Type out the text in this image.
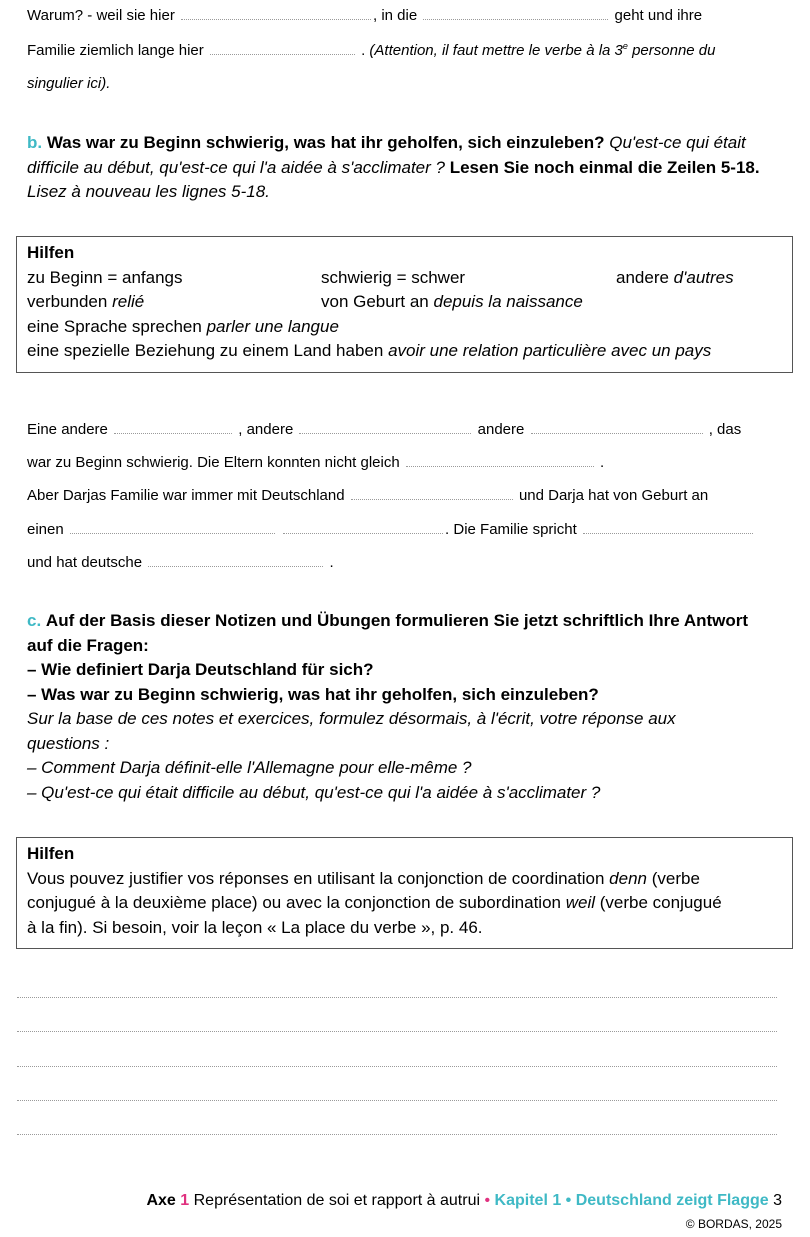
Warum? - weil sie hier	, in die	geht und ihre
Familie ziemlich lange hier	. (Attention, il faut mettre le verbe à la 3e personne du
singulier ici).
b. Was war zu Beginn schwierig, was hat ihr geholfen, sich einzuleben? Qu'est-ce qui était difficile au début, qu'est-ce qui l'a aidée à s'acclimater ? Lesen Sie noch einmal die Zeilen 5-18.  Lisez à nouveau les lignes 5-18.
Hilfen
zu Beginn = anfangs	schwierig = schwer	andere d'autres
verbunden relié	von Geburt an depuis la naissance
eine Sprache sprechen parler une langue
eine spezielle Beziehung zu einem Land haben avoir une relation particulière avec un pays
Eine andere	, andere	andere	, das
war zu Beginn schwierig. Die Eltern konnten nicht gleich	.
Aber Darjas Familie war immer mit Deutschland	und Darja hat von Geburt an
einen	. Die Familie spricht
und hat deutsche	.
c. Auf der Basis dieser Notizen und Übungen formulieren Sie jetzt schriftlich Ihre Antwort
auf die Fragen:
– Wie definiert Darja Deutschland für sich?
– Was war zu Beginn schwierig, was hat ihr geholfen, sich einzuleben?
Sur la base de ces notes et exercices, formulez désormais, à l'écrit, votre réponse aux
questions :
– Comment Darja définit-elle l'Allemagne pour elle-même ?
– Qu'est-ce qui était difficile au début, qu'est-ce qui l'a aidée à s'acclimater ?
Hilfen
Vous pouvez justifier vos réponses en utilisant la conjonction de coordination denn (verbe
conjugué à la deuxième place) ou avec la conjonction de subordination weil (verbe conjugué
à la fin). Si besoin, voir la leçon « La place du verbe », p. 46.
Axe 1 Représentation de soi et rapport à autrui • Kapitel 1 • Deutschland zeigt Flagge 3
© BORDAS, 2025
